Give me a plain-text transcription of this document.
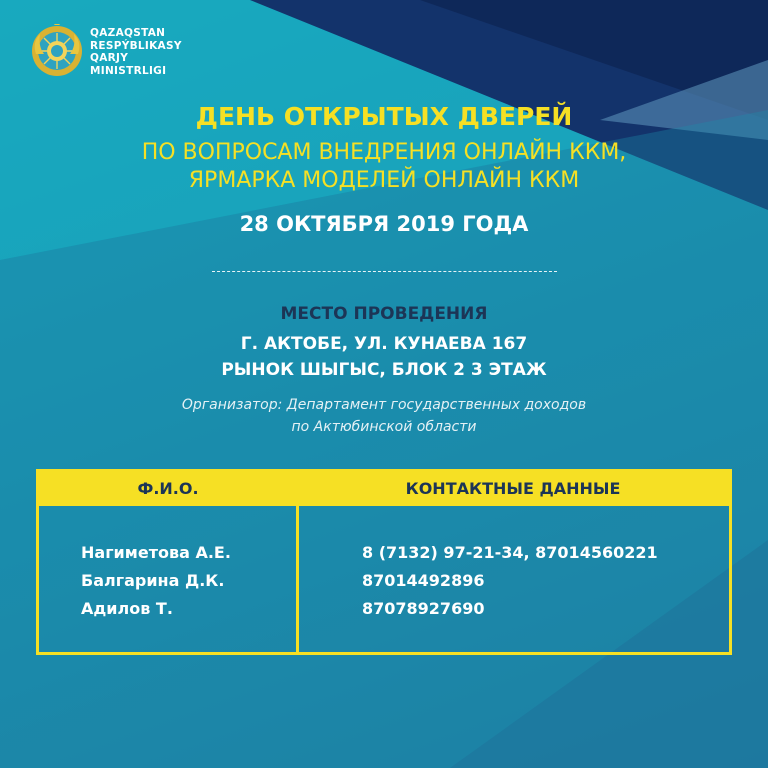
QAZAQSTAN
RESPÝBLIKASY
QARJY
MINISTRLIGI
ДЕНЬ ОТКРЫТЫХ ДВЕРЕЙ
ПО ВОПРОСАМ ВНЕДРЕНИЯ ОНЛАЙН ККМ,
ЯРМАРКА МОДЕЛЕЙ ОНЛАЙН ККМ
28 ОКТЯБРЯ 2019 ГОДА
МЕСТО ПРОВЕДЕНИЯ
Г. АКТОБЕ, УЛ. КУНАЕВА 167
РЫНОК ШЫГЫС, БЛОК 2 3 ЭТАЖ
Организатор: Департамент государственных доходов
по Актюбинской области
Ф.И.О.	КОНТАКТНЫЕ ДАННЫЕ
Нагиметова А.Е.
Балгарина Д.К.
Адилов Т.
8 (7132) 97-21-34, 87014560221
87014492896
87078927690
